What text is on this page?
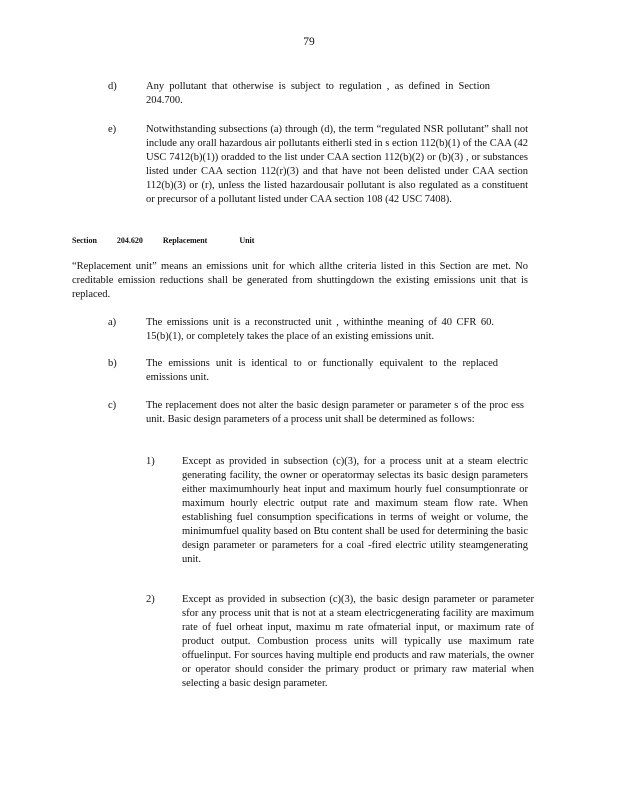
79
d)	Any pollutant that otherwise is subject to regulation , as defined in Section 204.700.
e)	Notwithstanding subsections (a) through (d), the term “regulated NSR pollutant” shall not include any orall hazardous air pollutants eitherli sted in s ection 112(b)(1) of the CAA (42 USC 7412(b)(1)) oradded to the list under CAA section 112(b)(2) or (b)(3) , or substances listed under CAA section 112(r)(3) and that have not been delisted under CAA section 112(b)(3) or (r), unless the listed hazardousair pollutant is also regulated as a constituent or precursor of a pollutant listed under CAA section 108 (42 USC 7408).
Section	204.620	Replacement	Unit
“Replacement unit” means an emissions unit for which allthe criteria listed in this Section are met. No creditable emission reductions shall be generated from shuttingdown the existing emissions unit that is replaced.
a)	The emissions unit is a reconstructed unit , withinthe meaning of 40 CFR 60. 15(b)(1), or completely takes the place of an existing emissions unit.
b)	The emissions unit is identical to or functionally equivalent to the replaced emissions unit.
c)	The replacement does not alter the basic design parameter or parameter s of the proc ess unit. Basic design parameters of a process unit shall be determined as follows:
1)	Except as provided in subsection (c)(3), for a process unit at a steam electric generating facility, the owner or operatormay selectas its basic design parameters either maximumhourly heat input and maximum hourly fuel consumptionrate or maximum hourly electric output rate and maximum steam flow rate. When establishing fuel consumption specifications in terms of weight or volume, the minimumfuel quality based on Btu content shall be used for determining the basic design parameter or parameters for a coal -fired electric utility steamgenerating unit.
2)	Except as provided in subsection (c)(3), the basic design parameter or parameter sfor any process unit that is not at a steam electricgenerating facility are maximum rate of fuel orheat input, maximu m rate ofmaterial input, or maximum rate of product output. Combustion process units will typically use maximum rate offuelinput. For sources having multiple end products and raw materials, the owner or operator should consider the primary product or primary raw material when selecting a basic design parameter.
